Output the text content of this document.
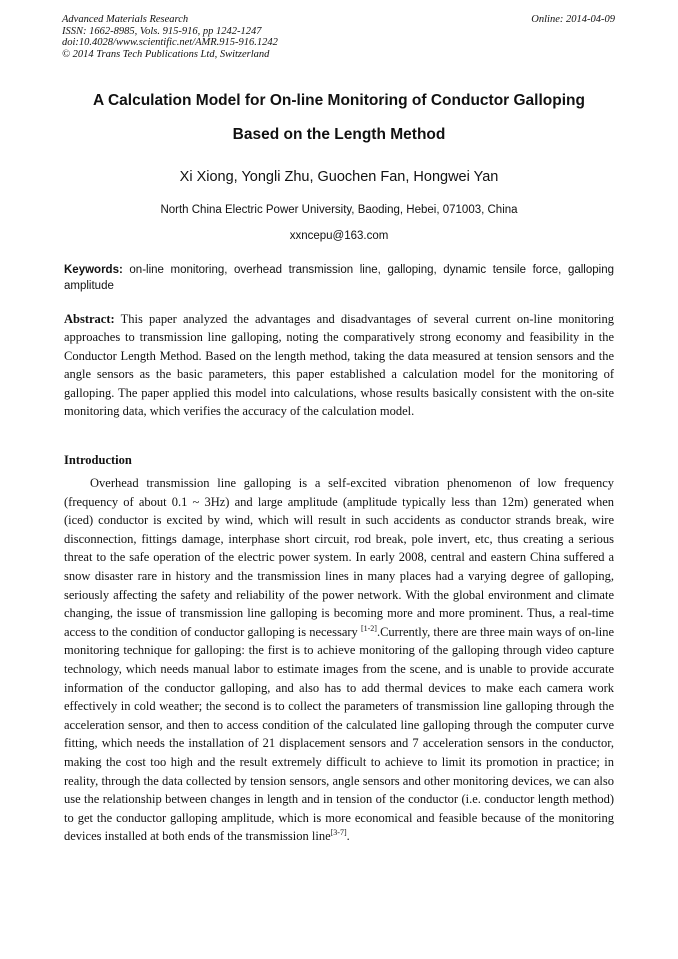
Advanced Materials Research
ISSN: 1662-8985, Vols. 915-916, pp 1242-1247
doi:10.4028/www.scientific.net/AMR.915-916.1242
© 2014 Trans Tech Publications Ltd, Switzerland
Online: 2014-04-09
A Calculation Model for On-line Monitoring of Conductor Galloping
Based on the Length Method
Xi Xiong, Yongli Zhu, Guochen Fan, Hongwei Yan
North China Electric Power University, Baoding, Hebei, 071003, China
xxncepu@163.com
Keywords: on-line monitoring, overhead transmission line, galloping, dynamic tensile force, galloping amplitude
Abstract: This paper analyzed the advantages and disadvantages of several current on-line monitoring approaches to transmission line galloping, noting the comparatively strong economy and feasibility in the Conductor Length Method. Based on the length method, taking the data measured at tension sensors and the angle sensors as the basic parameters, this paper established a calculation model for the monitoring of galloping. The paper applied this model into calculations, whose results basically consistent with the on-site monitoring data, which verifies the accuracy of the calculation model.
Introduction
Overhead transmission line galloping is a self-excited vibration phenomenon of low frequency (frequency of about 0.1 ~ 3Hz) and large amplitude (amplitude typically less than 12m) generated when (iced) conductor is excited by wind, which will result in such accidents as conductor strands break, wire disconnection, fittings damage, interphase short circuit, rod break, pole invert, etc, thus creating a serious threat to the safe operation of the electric power system. In early 2008, central and eastern China suffered a snow disaster rare in history and the transmission lines in many places had a varying degree of galloping, seriously affecting the safety and reliability of the power network. With the global environment and climate changing, the issue of transmission line galloping is becoming more and more prominent. Thus, a real-time access to the condition of conductor galloping is necessary [1-2].Currently, there are three main ways of on-line monitoring technique for galloping: the first is to achieve monitoring of the galloping through video capture technology, which needs manual labor to estimate images from the scene, and is unable to provide accurate information of the conductor galloping, and also has to add thermal devices to make each camera work effectively in cold weather; the second is to collect the parameters of transmission line galloping through the acceleration sensor, and then to access condition of the calculated line galloping through the computer curve fitting, which needs the installation of 21 displacement sensors and 7 acceleration sensors in the conductor, making the cost too high and the result extremely difficult to achieve to limit its promotion in practice; in reality, through the data collected by tension sensors, angle sensors and other monitoring devices, we can also use the relationship between changes in length and in tension of the conductor (i.e. conductor length method) to get the conductor galloping amplitude, which is more economical and feasible because of the monitoring devices installed at both ends of the transmission line[3-7].
